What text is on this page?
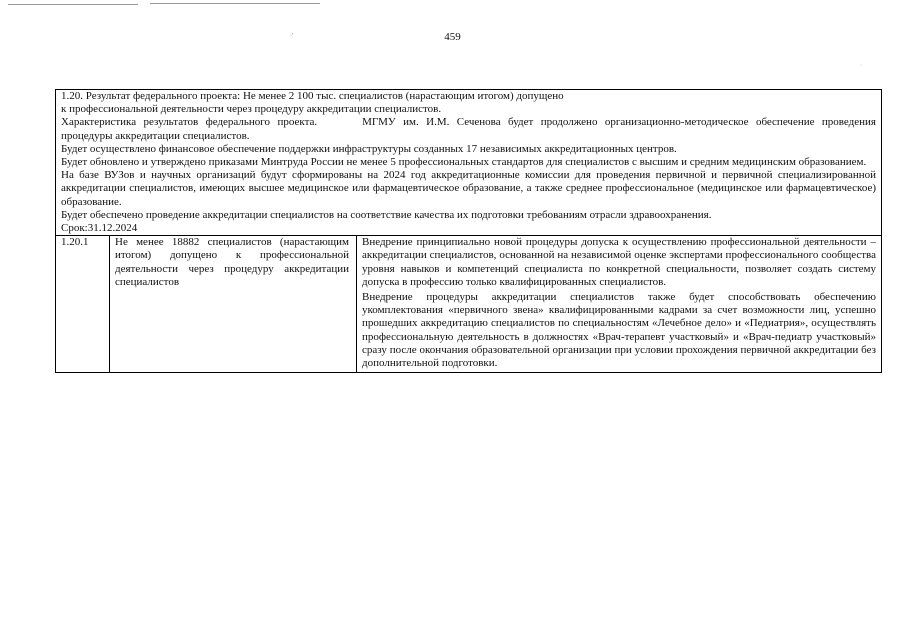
·'
·
459

1.20. Результат федерального проекта: Не менее 2 100 тыс. специалистов (нарастающим итогом) допущено

к профессиональной деятельности через процедуру аккредитации специалистов.

Характеристика результатов федерального проекта.	МГМУ им. И.М. Сеченова будет продолжено организационно-методическое обеспечение проведения процедуры аккредитации специалистов.

Будет осуществлено финансовое обеспечение поддержки инфраструктуры созданных 17 независимых аккредитационных центров.

Будет обновлено и утверждено приказами Минтруда России не менее 5 профессиональных стандартов для специалистов с высшим и средним медицинским образованием.

На базе ВУЗов и научных организаций будут сформированы на 2024 год аккредитационные комиссии для проведения первичной и первичной специализированной аккредитации специалистов, имеющих высшее медицинское или фармацевтическое образование, а также среднее профессиональное (медицинское или фармацевтическое) образование.

Будет обеспечено проведение аккредитации специалистов на соответствие качества их подготовки требованиям отрасли здравоохранения.

Срок:31.12.2024

1.20.1	Не менее 18882 специалистов (нарастающим итогом) допущено к профессиональной деятельности через процедуру аккредитации специалистов

Внедрение принципиально новой процедуры допуска к осуществлению профессиональной деятельности – аккредитации специалистов, основанной на независимой оценке экспертами профессионального сообщества уровня навыков и компетенций специалиста по конкретной специальности, позволяет создать систему допуска в профессию только квалифицированных специалистов.

Внедрение процедуры аккредитации специалистов также будет способствовать обеспечению укомплектования «первичного звена» квалифицированными кадрами за счет возможности лиц, успешно прошедших аккредитацию специалистов по специальностям «Лечебное дело» и «Педиатрия», осуществлять профессиональную деятельность в должностях «Врач-терапевт участковый» и «Врач-педиатр участковый» сразу после окончания образовательной организации при условии прохождения первичной аккредитации без дополнительной подготовки.
